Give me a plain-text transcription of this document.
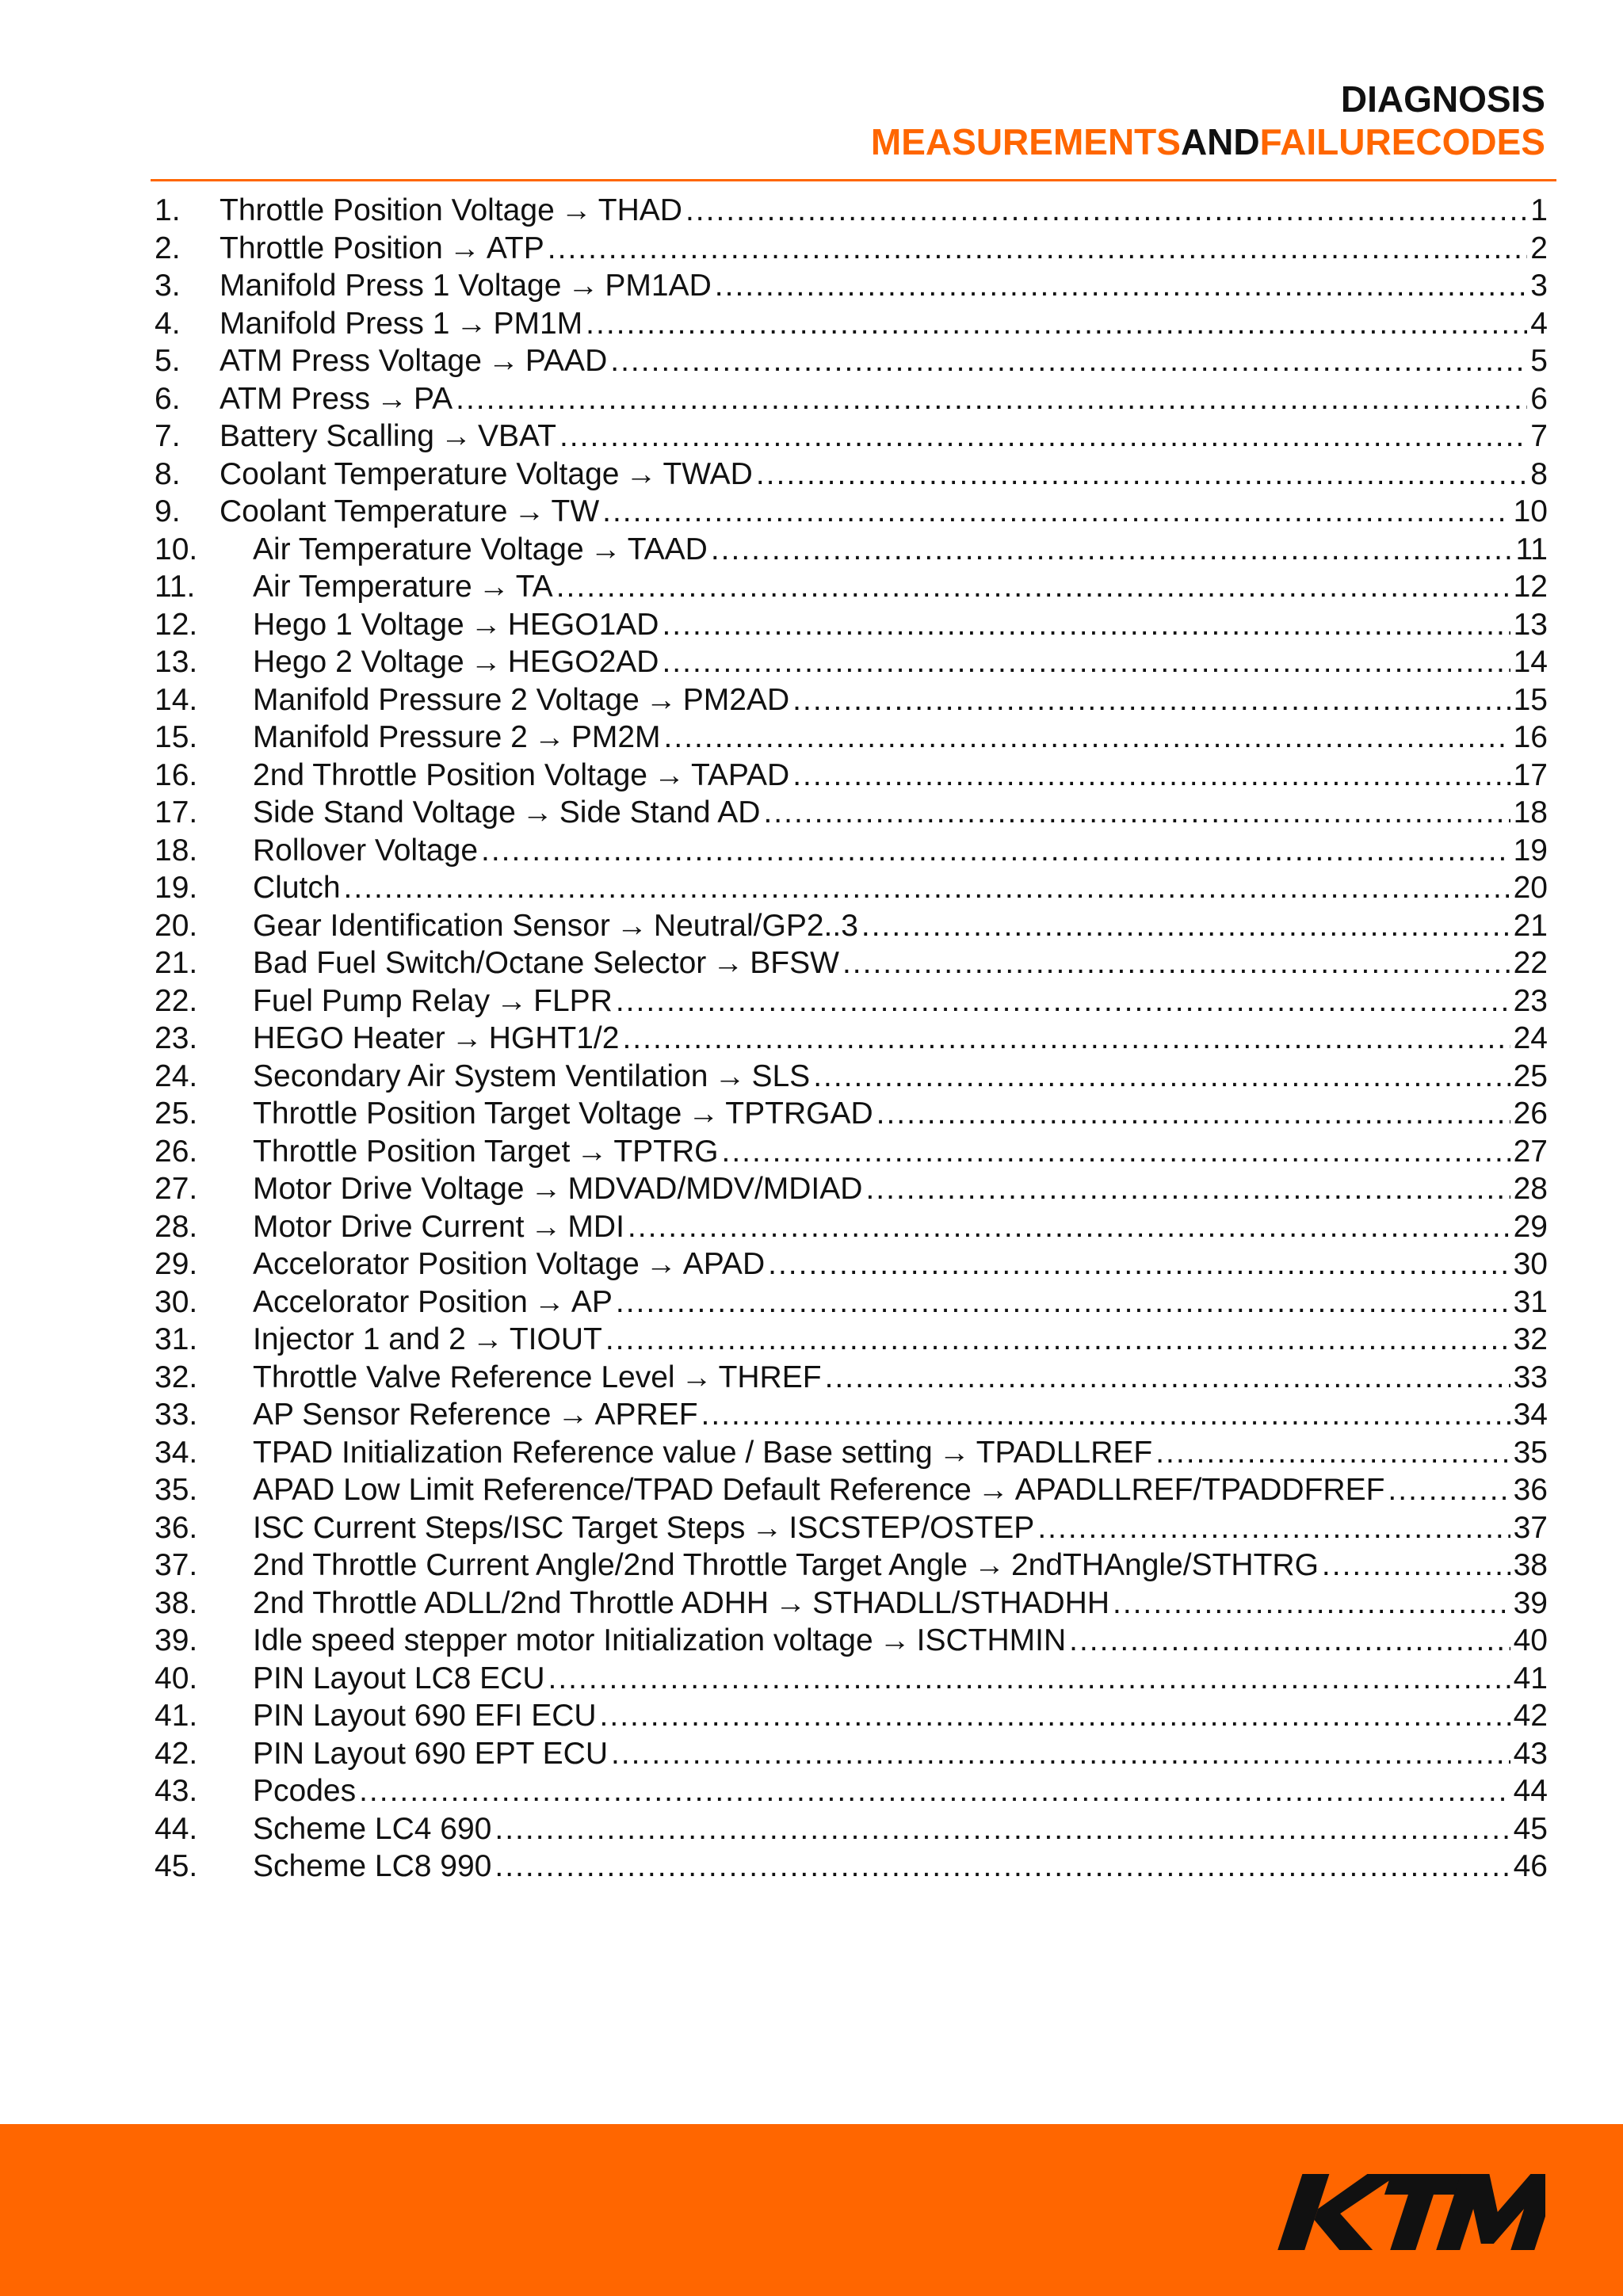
DIAGNOSIS
MEASUREMENTSANDFAILURECODES
1.	Throttle Position Voltage → THAD .....	1
2.	Throttle Position → ATP .....	2
3.	Manifold Press 1 Voltage → PM1AD .....	3
4.	Manifold Press 1 → PM1M .....	4
5.	ATM Press Voltage → PAAD .....	5
6.	ATM Press → PA .....	6
7.	Battery Scalling → VBAT .....	7
8.	Coolant Temperature Voltage → TWAD .....	8
9.	Coolant Temperature → TW .....	10
10.	Air Temperature Voltage → TAAD .....	11
11.	Air Temperature → TA .....	12
12.	Hego 1 Voltage → HEGO1AD .....	13
13.	Hego 2 Voltage → HEGO2AD .....	14
14.	Manifold Pressure 2 Voltage → PM2AD .....	15
15.	Manifold Pressure 2 → PM2M .....	16
16.	2nd Throttle Position Voltage → TAPAD .....	17
17.	Side Stand Voltage → Side Stand AD .....	18
18.	Rollover Voltage .....	19
19.	Clutch .....	20
20.	Gear Identification Sensor → Neutral/GP2..3 .....	21
21.	Bad Fuel Switch/Octane Selector → BFSW .....	22
22.	Fuel Pump Relay → FLPR .....	23
23.	HEGO Heater → HGHT1/2 .....	24
24.	Secondary Air System Ventilation → SLS .....	25
25.	Throttle Position Target Voltage → TPTRGAD .....	26
26.	Throttle Position Target → TPTRG .....	27
27.	Motor Drive Voltage → MDVAD/MDV/MDIAD .....	28
28.	Motor Drive Current → MDI .....	29
29.	Accelorator Position Voltage → APAD .....	30
30.	Accelorator Position → AP .....	31
31.	Injector 1 and 2 → TIOUT .....	32
32.	Throttle Valve Reference Level → THREF .....	33
33.	AP Sensor Reference → APREF .....	34
34.	TPAD Initialization Reference value / Base setting → TPADLLREF .....	35
35.	APAD Low Limit Reference/TPAD Default Reference → APADLLREF/TPADDFREF .....	36
36.	ISC Current Steps/ISC Target Steps → ISCSTEP/OSTEP .....	37
37.	2nd Throttle Current Angle/2nd Throttle Target Angle → 2ndTHAngle/STHTRG .....	38
38.	2nd Throttle ADLL/2nd Throttle ADHH → STHADLL/STHADHH .....	39
39.	Idle speed stepper motor Initialization voltage → ISCTHMIN .....	40
40.	PIN Layout LC8 ECU .....	41
41.	PIN Layout 690 EFI ECU .....	42
42.	PIN Layout 690 EPT ECU .....	43
43.	Pcodes .....	44
44.	Scheme LC4 690 .....	45
45.	Scheme LC8 990 .....	46
